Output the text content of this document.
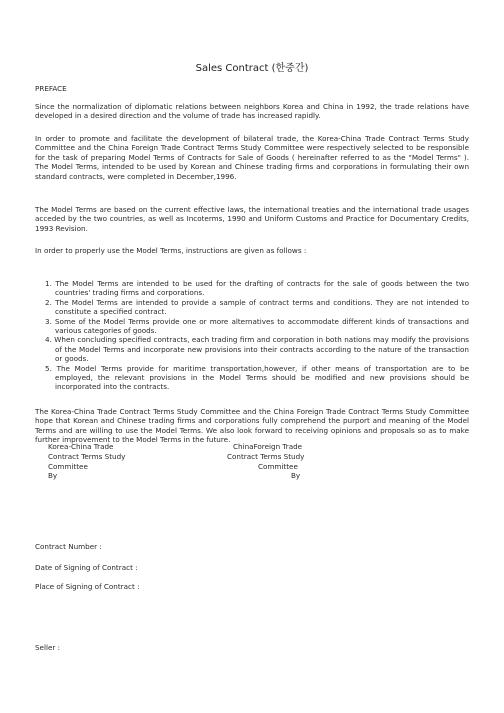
Sales Contract (한중간)
PREFACE

Since the normalization of diplomatic relations between neighbors Korea and China in 1992, the trade relations have developed in a desired direction and the volume of trade has increased rapidly.

In order to promote and facilitate the development of bilateral trade, the Korea-China Trade Contract Terms Study Committee and the China Foreign Trade Contract Terms Study Committee were respectively selected to be responsible for the task of preparing Model Terms of Contracts for Sale of Goods ( hereinafter referred to as the "Model Terms" ). The Model Terms, intended to be used by Korean and Chinese trading firms and corporations in formulating their own standard contracts, were completed in December,1996.

The Model Terms are based on the current effective laws, the international treaties and the international trade usages acceded by the two countries, as well as Incoterms, 1990 and Uniform Customs and Practice for Documentary Credits, 1993 Revision.

In order to properly use the Model Terms, instructions are given as follows :

1. The Model Terms are intended to be used for the drafting of contracts for the sale of goods between the two countries' trading firms and corporations.
2. The Model Terms are intended to provide a sample of contract terms and conditions. They are not intended to constitute a specified contract.
3. Some of the Model Terms provide one or more alternatives to accommodate different kinds of transactions and various categories of goods.
4. When concluding specified contracts, each trading firm and corporation in both nations may modify the provisions of the Model Terms and incorporate new provisions into their contracts according to the nature of the transaction or goods.
5. The Model Terms provide for maritime transportation,however, if other means of transportation are to be employed, the relevant provisions in the Model Terms should be modified and new provisions should be incorporated into the contracts.

The Korea-China Trade Contract Terms Study Committee and the China Foreign Trade Contract Terms Study Committee hope that Korean and Chinese trading firms and corporations fully comprehend the purport and meaning of the Model Terms and are willing to use the Model Terms. We also look forward to receiving opinions and proposals so as to make further improvement to the Model Terms in the future.

Korea-China Trade
Contract Terms Study
Committee
By
ChinaForeign Trade
Contract Terms Study
Committee
By
Contract Number :
Date of Signing of Contract :
Place of Signing of Contract :
Seller :
